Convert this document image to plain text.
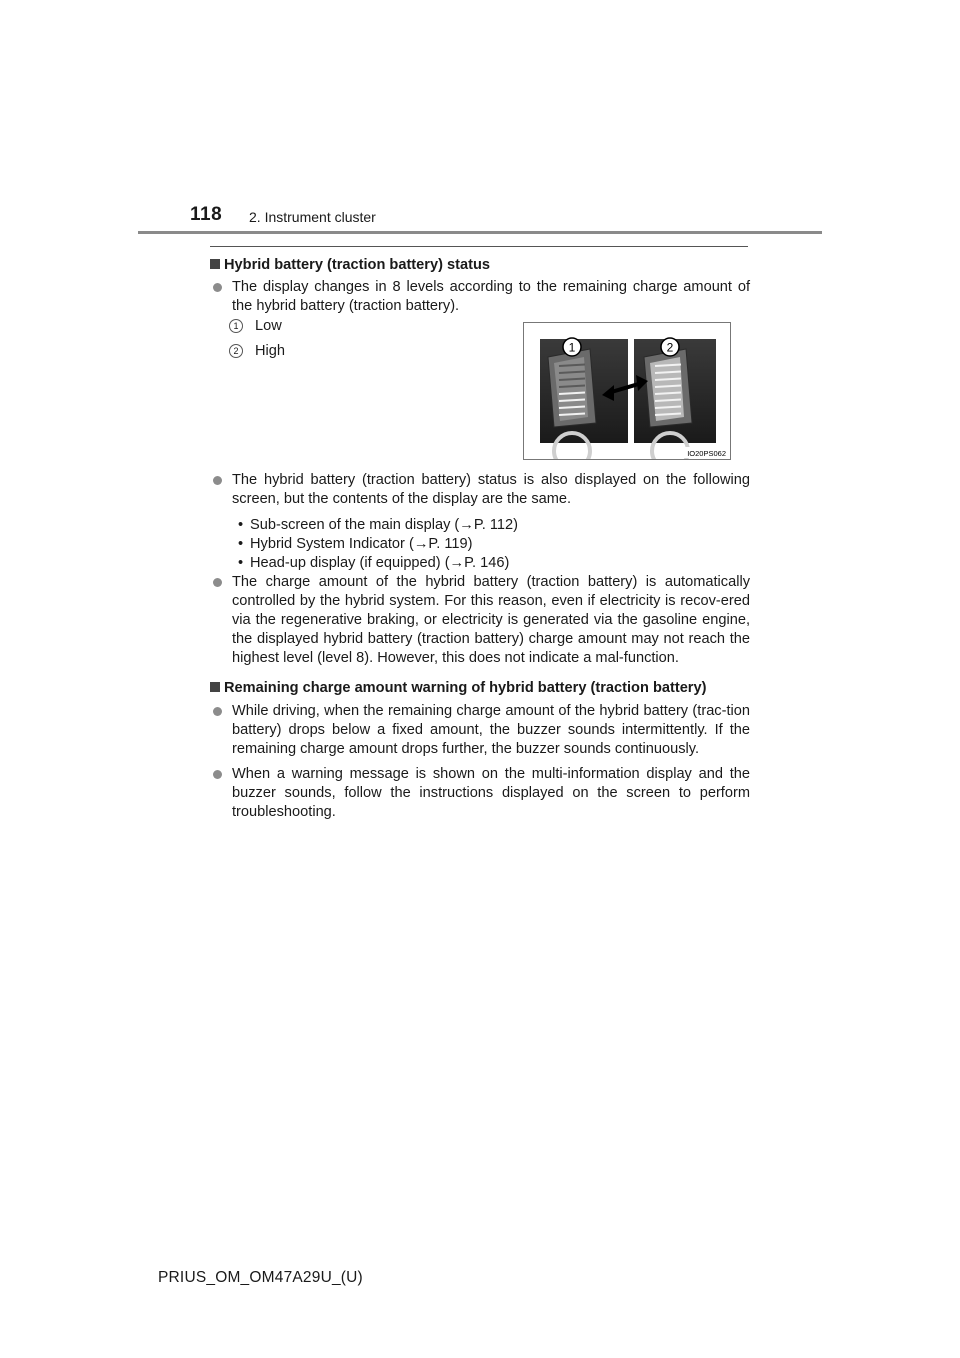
118 2. Instrument cluster
Hybrid battery (traction battery) status
The display changes in 8 levels according to the remaining charge amount of the hybrid battery (traction battery).
1 Low
2 High	1	2
IO20PS062
The hybrid battery (traction battery) status is also displayed on the following screen, but the contents of the display are the same.
• Sub-screen of the main display (→P. 112)
• Hybrid System Indicator (→P. 119)
• Head-up display (if equipped) (→P. 146)
The charge amount of the hybrid battery (traction battery) is automatically controlled by the hybrid system. For this reason, even if electricity is recov-ered via the regenerative braking, or electricity is generated via the gasoline engine, the displayed hybrid battery (traction battery) charge amount may not reach the highest level (level 8). However, this does not indicate a mal-function.
Remaining charge amount warning of hybrid battery (traction battery)
While driving, when the remaining charge amount of the hybrid battery (trac-tion battery) drops below a fixed amount, the buzzer sounds intermittently. If the remaining charge amount drops further, the buzzer sounds continuously.
When a warning message is shown on the multi-information display and the buzzer sounds, follow the instructions displayed on the screen to perform troubleshooting.
PRIUS_OM_OM47A29U_(U)
